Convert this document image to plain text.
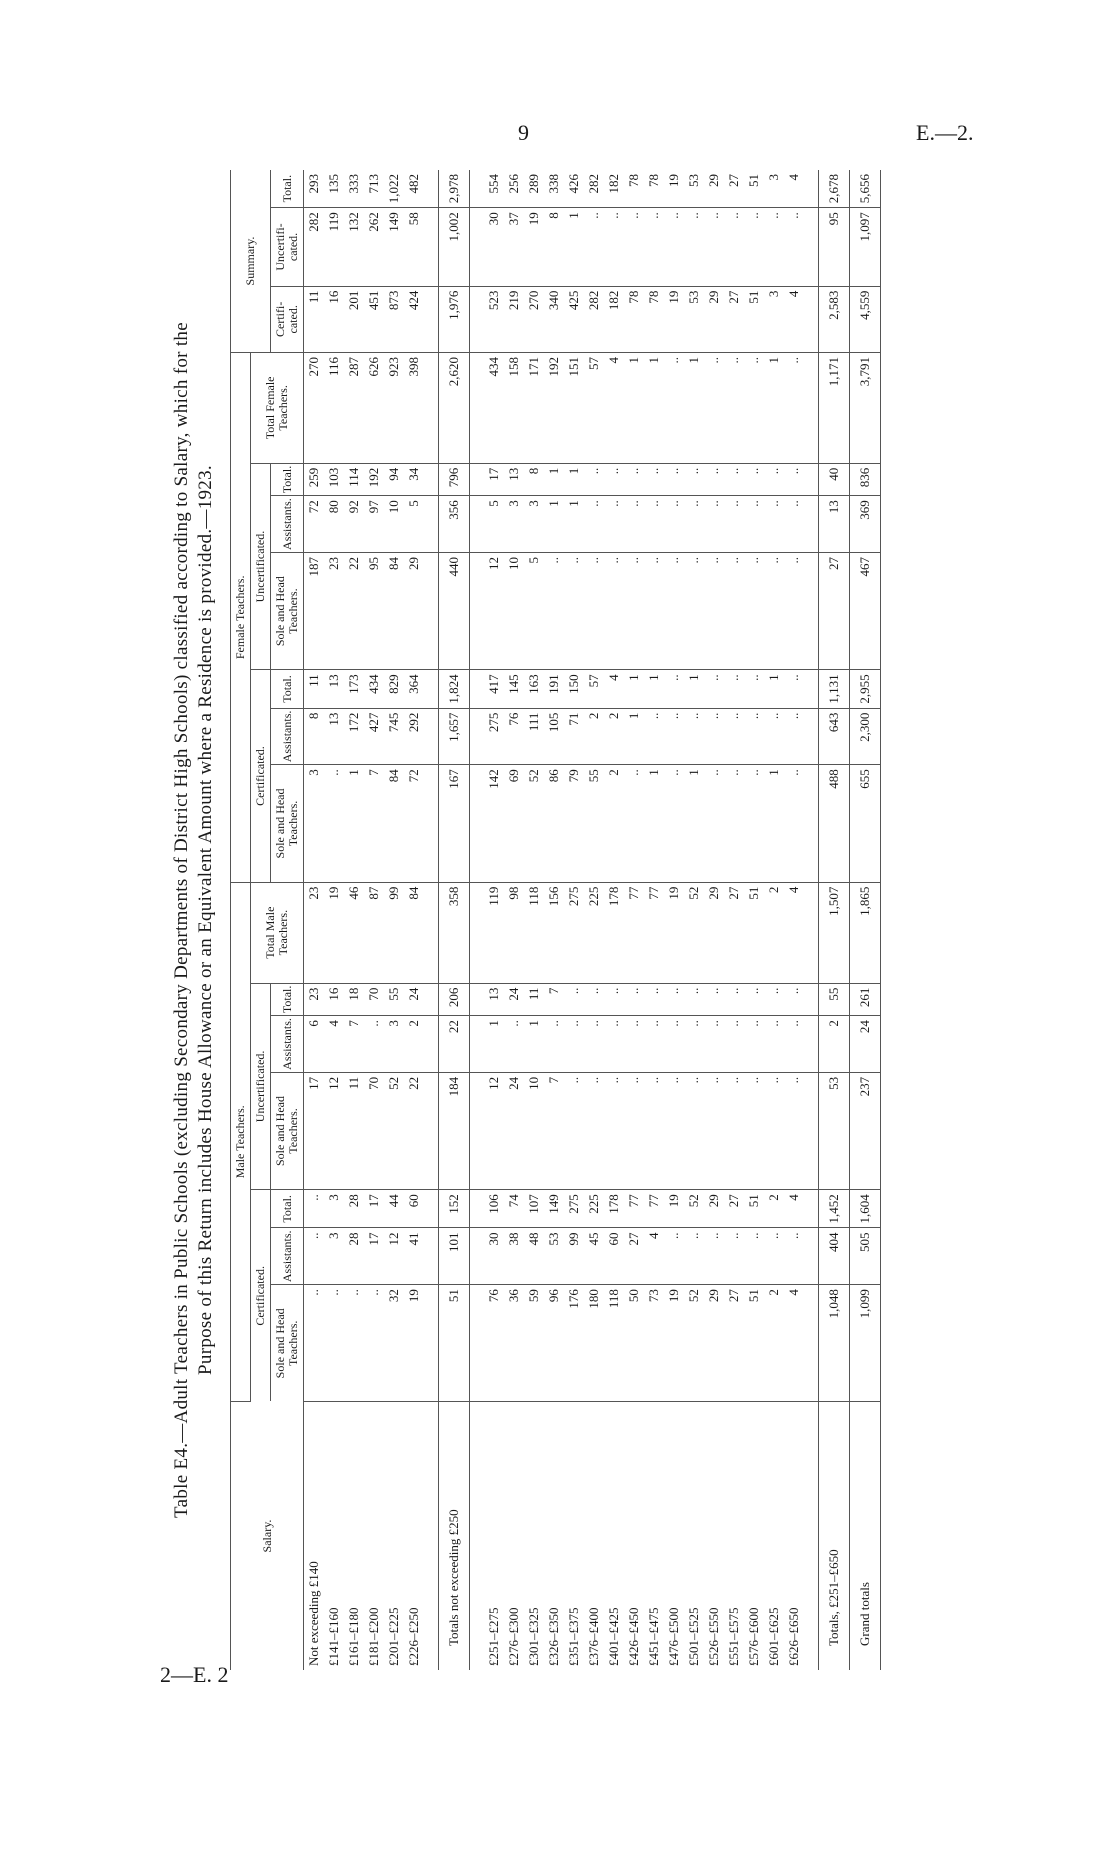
9	E.—2.
Table E4.—Adult Teachers in Public Schools (excluding Secondary Departments of District High Schools) classified according to Salary, which for the Purpose of this Return includes House Allowance or an Equivalent Amount where a Residence is provided.—1923.
Salary.	Male Teachers.							Female Teachers.							Summary.		
	Certificated.			Uncertificated.			Total Male Teachers.	Certificated.			Uncertificated.			Total Female Teachers.			
	Sole and Head Teachers.	Assistants.	Total.	Sole and Head Teachers.	Assistants.	Total.		Sole and Head Teachers.	Assistants.	Total.	Sole and Head Teachers.	Assistants.	Total.		Certifi-cated.	Uncertifi-cated.	Total.
Not exceeding £140	..	..	..	17	6	23	23	3	8	11	187	72	259	270	11	282	293
£141–£160	..	3	3	12	4	16	19	..	13	13	23	80	103	116	16	119	135
£161–£180	..	28	28	11	7	18	46	1	172	173	22	92	114	287	201	132	333
£181–£200	..	17	17	70	..	70	87	7	427	434	95	97	192	626	451	262	713
£201–£225	32	12	44	52	3	55	99	84	745	829	84	10	94	923	873	149	1,022
£226–£250	19	41	60	22	2	24	84	72	292	364	29	5	34	398	424	58	482

Totals not exceeding £250	51	101	152	184	22	206	358	167	1,657	1,824	440	356	796	2,620	1,976	1,002	2,978

£251–£275	76	30	106	12	1	13	119	142	275	417	12	5	17	434	523	30	554
£276–£300	36	38	74	24	..	24	98	69	76	145	10	3	13	158	219	37	256
£301–£325	59	48	107	10	1	11	118	52	111	163	5	3	8	171	270	19	289
£326–£350	96	53	149	7	..	7	156	86	105	191	..	1	1	192	340	8	338
£351–£375	176	99	275	..	..	..	275	79	71	150	..	1	1	151	425	1	426
£376–£400	180	45	225	..	..	..	225	55	2	57	..	..	..	57	282	..	282
£401–£425	118	60	178	..	..	..	178	2	2	4	..	..	..	4	182	..	182
£426–£450	50	27	77	..	..	..	77	..	1	1	..	..	..	1	78	..	78
£451–£475	73	4	77	..	..	..	77	1	..	1	..	..	..	1	78	..	78
£476–£500	19	..	19	..	..	..	19	..	..	..	..	..	..	..	19	..	19
£501–£525	52	..	52	..	..	..	52	1	..	1	..	..	..	1	53	..	53
£526–£550	29	..	29	..	..	..	29	..	..	..	..	..	..	..	29	..	29
£551–£575	27	..	27	..	..	..	27	..	..	..	..	..	..	..	27	..	27
£576–£600	51	..	51	..	..	..	51	..	..	..	..	..	..	..	51	..	51
£601–£625	2	..	2	..	..	..	2	1	..	1	..	..	..	1	3	..	3
£626–£650	4	..	4	..	..	..	4	..	..	..	..	..	..	..	4	..	4

Totals, £251–£650	1,048	404	1,452	53	2	55	1,507	488	643	1,131	27	13	40	1,171	2,583	95	2,678
Grand totals	1,099	505	1,604	237	24	261	1,865	655	2,300	2,955	467	369	836	3,791	4,559	1,097	5,656
2—E. 2
